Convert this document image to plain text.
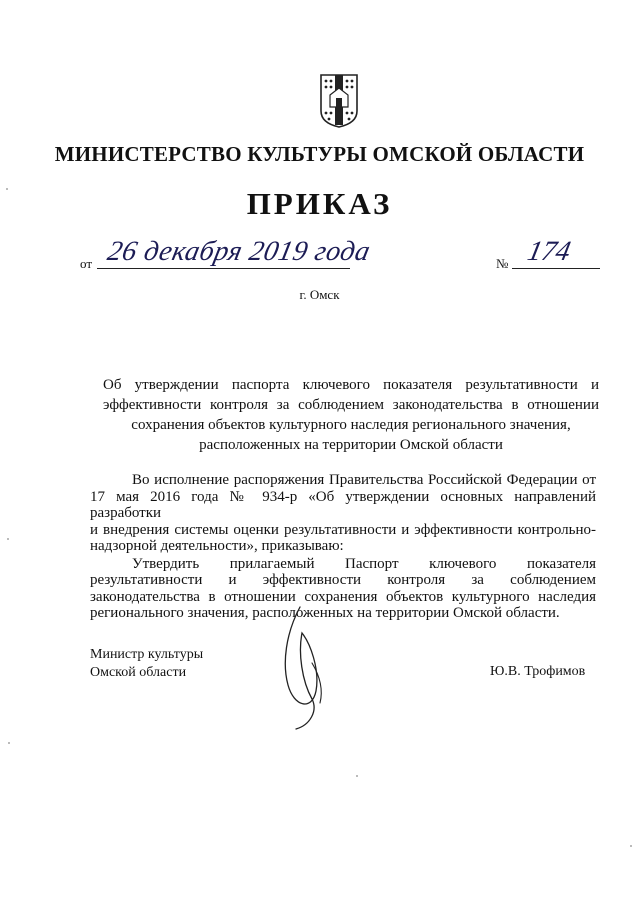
МИНИСТЕРСТВО КУЛЬТУРЫ ОМСКОЙ ОБЛАСТИ
ПРИКАЗ
от 26 декабря 2019 года	№ 174
г. Омск
Об утверждении паспорта ключевого показателя результативности и
эффективности контроля за соблюдением законодательства в отношении
сохранения объектов культурного наследия регионального значения,
расположенных на территории Омской области
Во исполнение распоряжения Правительства Российской Федерации от
17 мая 2016 года № 934-р «Об утверждении основных направлений разработки
и внедрения системы оценки результативности и эффективности контрольно-
надзорной деятельности», приказываю:
Утвердить прилагаемый Паспорт ключевого показателя
результативности и эффективности контроля за соблюдением
законодательства в отношении сохранения объектов культурного наследия
регионального значения, расположенных на территории Омской области.
Министр культуры
Омской области	Ю.В. Трофимов
